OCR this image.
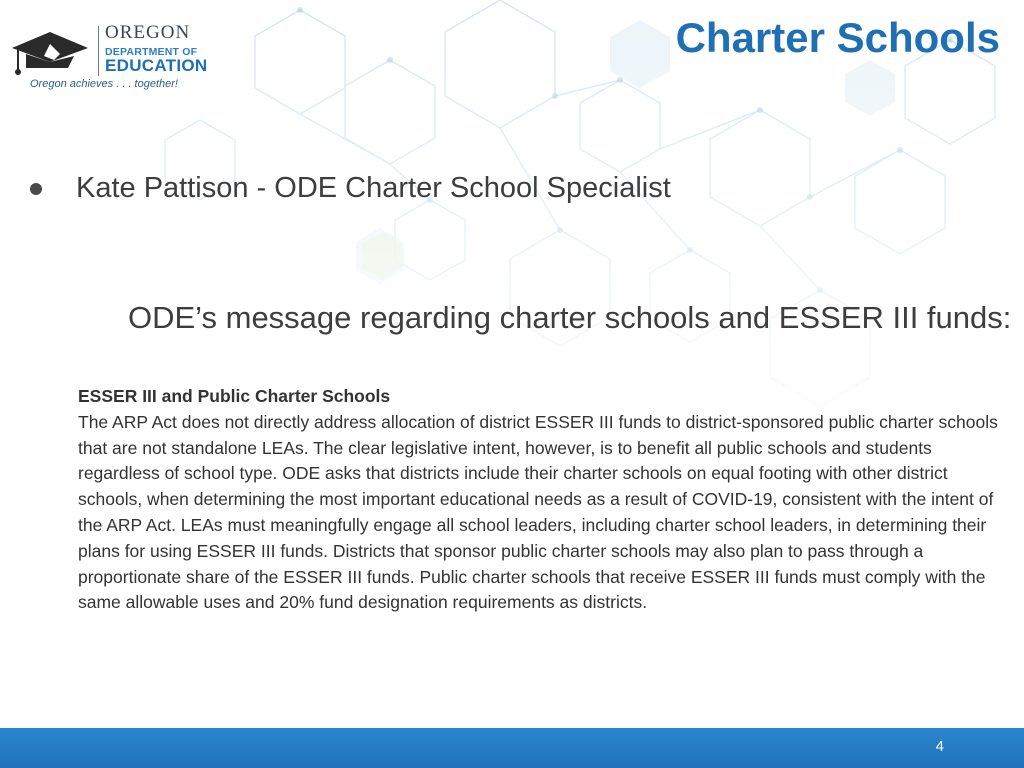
OREGON
DEPARTMENT OF
EDUCATION
Oregon achieves . . . together!
Charter Schools
Kate Pattison - ODE Charter School Specialist
ODE’s message regarding charter schools and ESSER III funds:
ESSER III and Public Charter Schools

The ARP Act does not directly address allocation of district ESSER III funds to district-sponsored public charter schools that are not standalone LEAs. The clear legislative intent, however, is to benefit all public schools and students regardless of school type. ODE asks that districts include their charter schools on equal footing with other district schools, when determining the most important educational needs as a result of COVID-19, consistent with the intent of the ARP Act. LEAs must meaningfully engage all school leaders, including charter school leaders, in determining their plans for using ESSER III funds. Districts that sponsor public charter schools may also plan to pass through a proportionate share of the ESSER III funds. Public charter schools that receive ESSER III funds must comply with the same allowable uses and 20% fund designation requirements as districts.

4
